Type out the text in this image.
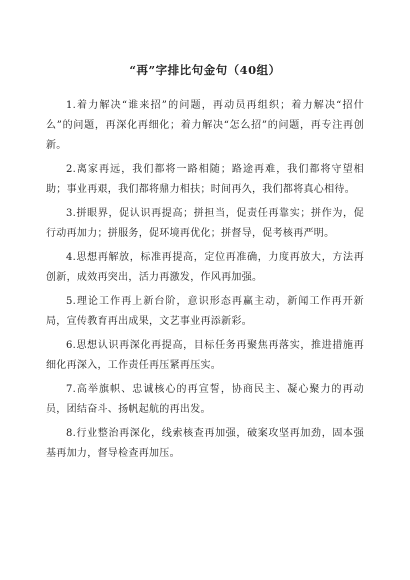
“再”字排比句金句（40组）

1.着力解决“谁来招”的问题，再动员再组织；着力解决“招什么”的问题，再深化再细化；着力解决“怎么招”的问题，再专注再创新。

2.离家再远，我们都将一路相随；路途再难，我们都将守望相助；事业再艰，我们都将鼎力相扶；时间再久，我们都将真心相待。

3.拼眼界，促认识再提高；拼担当，促责任再靠实；拼作为，促行动再加力；拼服务，促环境再优化；拼督导，促考核再严明。

4.思想再解放，标准再提高，定位再准确，力度再放大，方法再创新，成效再突出，活力再激发，作风再加强。

5.理论工作再上新台阶，意识形态再赢主动，新闻工作再开新局，宣传教育再出成果，文艺事业再添新彩。

6.思想认识再深化再提高，目标任务再聚焦再落实，推进措施再细化再深入，工作责任再压紧再压实。

7.高举旗帜、忠诚核心的再宣誓，协商民主、凝心聚力的再动员，团结奋斗、扬帆起航的再出发。

8.行业整治再深化，线索核查再加强，破案攻坚再加劲，固本强基再加力，督导检查再加压。
